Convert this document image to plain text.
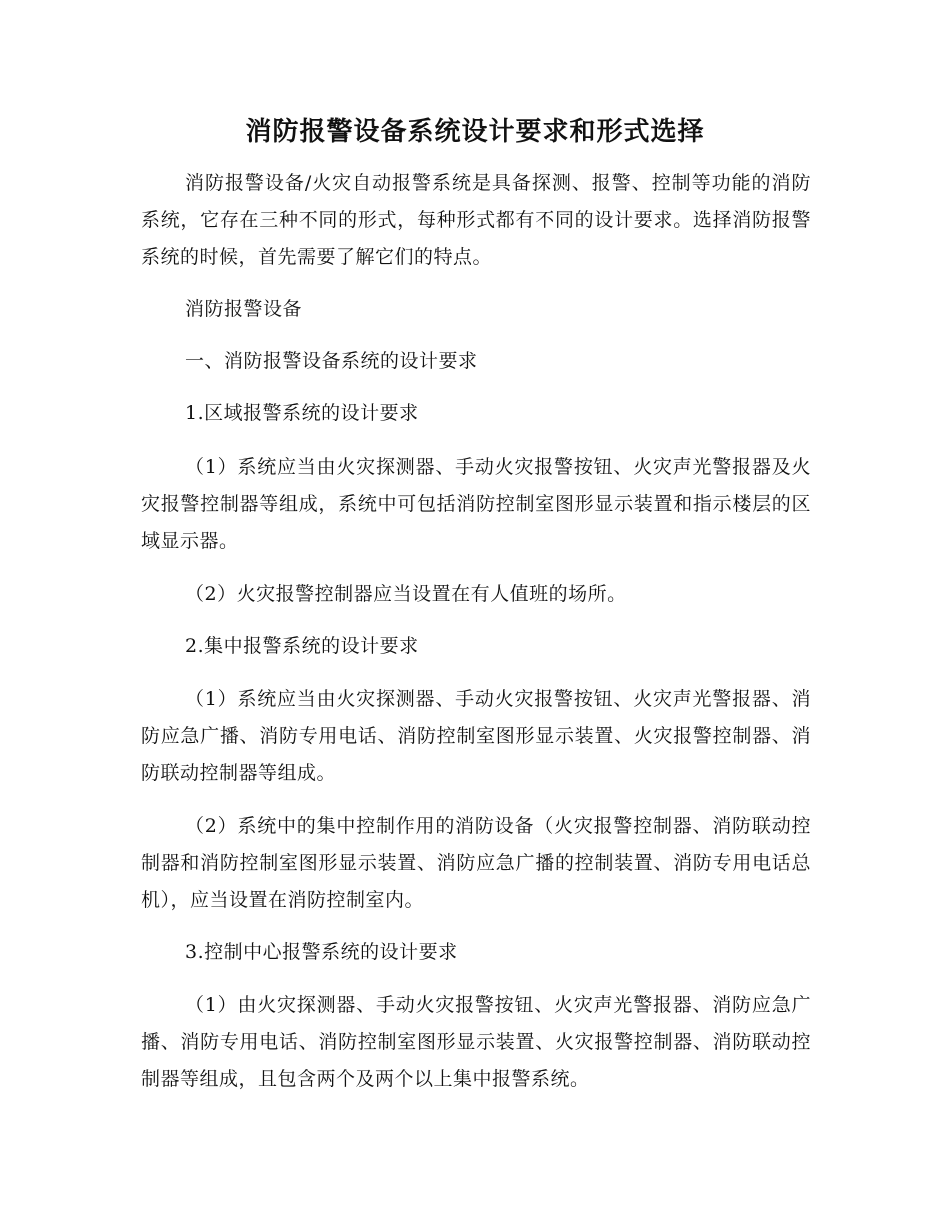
消防报警设备系统设计要求和形式选择

消防报警设备/火灾自动报警系统是具备探测、报警、控制等功能的消防系统，它存在三种不同的形式，每种形式都有不同的设计要求。选择消防报警系统的时候，首先需要了解它们的特点。

消防报警设备

一、消防报警设备系统的设计要求

1.区域报警系统的设计要求

（1）系统应当由火灾探测器、手动火灾报警按钮、火灾声光警报器及火灾报警控制器等组成，系统中可包括消防控制室图形显示装置和指示楼层的区域显示器。

（2）火灾报警控制器应当设置在有人值班的场所。

2.集中报警系统的设计要求

（1）系统应当由火灾探测器、手动火灾报警按钮、火灾声光警报器、消防应急广播、消防专用电话、消防控制室图形显示装置、火灾报警控制器、消防联动控制器等组成。

（2）系统中的集中控制作用的消防设备（火灾报警控制器、消防联动控制器和消防控制室图形显示装置、消防应急广播的控制装置、消防专用电话总机），应当设置在消防控制室内。

3.控制中心报警系统的设计要求

（1）由火灾探测器、手动火灾报警按钮、火灾声光警报器、消防应急广播、消防专用电话、消防控制室图形显示装置、火灾报警控制器、消防联动控制器等组成，且包含两个及两个以上集中报警系统。
